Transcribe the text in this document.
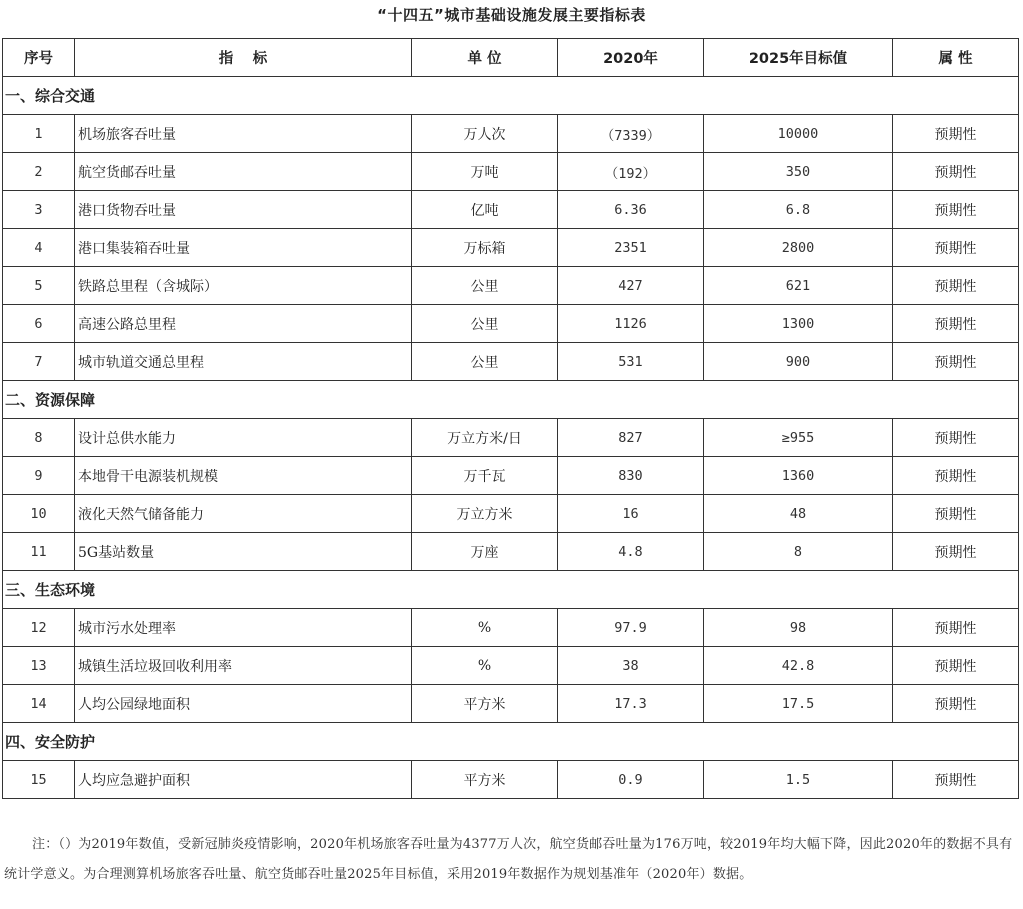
“十四五”城市基础设施发展主要指标表
序号	指　 标	单 位	2020年	2025年目标值	属 性
一、综合交通					
1	机场旅客吞吐量	万人次	（7339）	10000	预期性
2	航空货邮吞吐量	万吨	（192）	350	预期性
3	港口货物吞吐量	亿吨	6.36	6.8	预期性
4	港口集装箱吞吐量	万标箱	2351	2800	预期性
5	铁路总里程（含城际）	公里	427	621	预期性
6	高速公路总里程	公里	1126	1300	预期性
7	城市轨道交通总里程	公里	531	900	预期性
二、资源保障					
8	设计总供水能力	万立方米/日	827	≥955	预期性
9	本地骨干电源装机规模	万千瓦	830	1360	预期性
10	液化天然气储备能力	万立方米	16	48	预期性
11	5G基站数量	万座	4.8	8	预期性
三、生态环境					
12	城市污水处理率	%	97.9	98	预期性
13	城镇生活垃圾回收利用率	%	38	42.8	预期性
14	人均公园绿地面积	平方米	17.3	17.5	预期性
四、安全防护					
15	人均应急避护面积	平方米	0.9	1.5	预期性
注：（）为2019年数值，受新冠肺炎疫情影响，2020年机场旅客吞吐量为4377万人次，航空货邮吞吐量为176万吨，较2019年均大幅下降，因此2020年的数据不具有统计学意义。为合理测算机场旅客吞吐量、航空货邮吞吐量2025年目标值，采用2019年数据作为规划基准年（2020年）数据。
